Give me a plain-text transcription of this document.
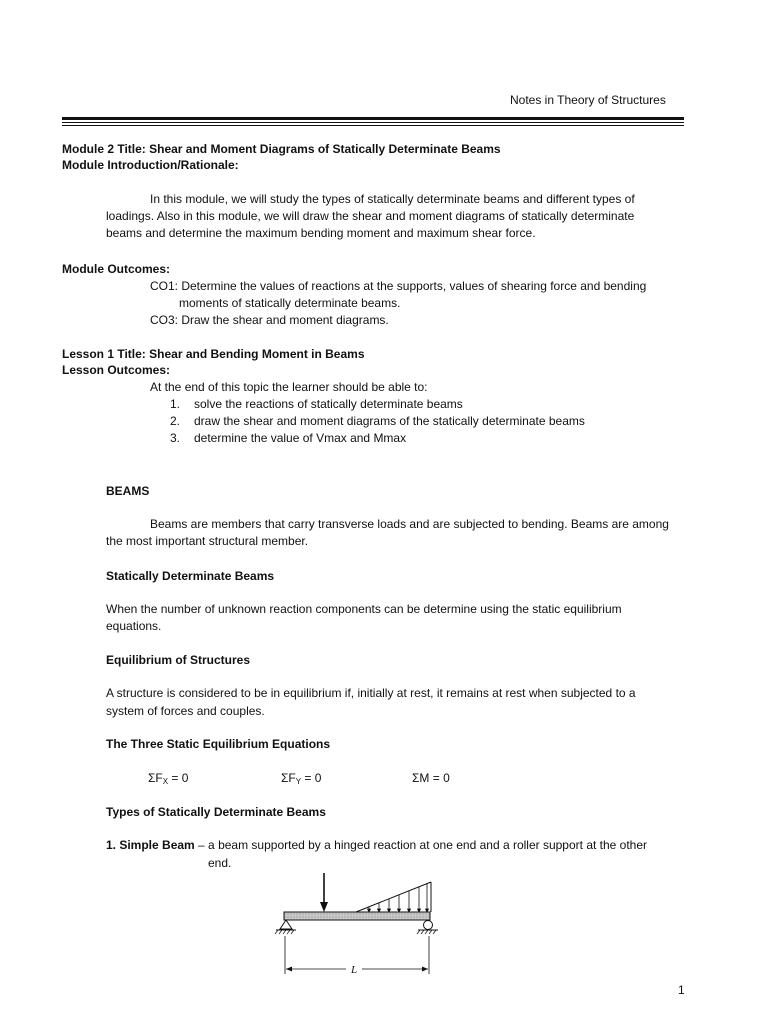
Notes in Theory of Structures
Module 2 Title: Shear and Moment Diagrams of Statically Determinate Beams
Module Introduction/Rationale:
In this module, we will study the types of statically determinate beams and different types of
loadings. Also in this module, we will draw the shear and moment diagrams of statically determinate
beams and determine the maximum bending moment and maximum shear force.
Module Outcomes:
CO1: Determine the values of reactions at the supports, values of shearing force and bending
moments of statically determinate beams.
CO3: Draw the shear and moment diagrams.
Lesson 1 Title: Shear and Bending Moment in Beams
Lesson Outcomes:
At the end of this topic the learner should be able to:
1. solve the reactions of statically determinate beams
2. draw the shear and moment diagrams of the statically determinate beams
3. determine the value of Vmax and Mmax
BEAMS
Beams are members that carry transverse loads and are subjected to bending. Beams are among
the most important structural member.
Statically Determinate Beams
When the number of unknown reaction components can be determine using the static equilibrium
equations.
Equilibrium of Structures
A structure is considered to be in equilibrium if, initially at rest, it remains at rest when subjected to a
system of forces and couples.
The Three Static Equilibrium Equations
$\Sigma F_X = 0$	$\Sigma F_Y = 0$	ΣM = 0
Types of Statically Determinate Beams
1. Simple Beam – a beam supported by a hinged reaction at one end and a roller support at the other
end.
L
1
